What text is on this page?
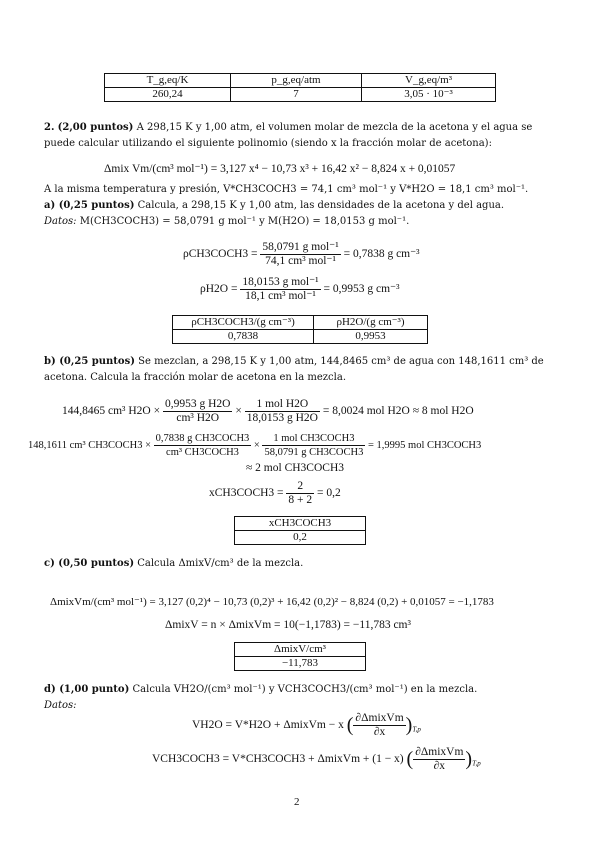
T_g,eq/K	p_g,eq/atm	V_g,eq/m³
260,24	7	3,05 · 10⁻³
2. (2,00 puntos) A 298,15 K y 1,00 atm, el volumen molar de mezcla de la acetona y el agua se puede calcular utilizando el siguiente polinomio (siendo x la fracción molar de acetona):
Δmix Vm/(cm³ mol⁻¹) = 3,127 x⁴ − 10,73 x³ + 16,42 x² − 8,824 x + 0,01057
A la misma temperatura y presión, V*CH3COCH3 = 74,1 cm³ mol⁻¹ y V*H2O = 18,1 cm³ mol⁻¹.
a) (0,25 puntos) Calcula, a 298,15 K y 1,00 atm, las densidades de la acetona y del agua.
Datos: M(CH3COCH3) = 58,0791 g mol⁻¹ y M(H2O) = 18,0153 g mol⁻¹.
ρCH3COCH3 = $\frac{\text{58,0791 g mol⁻¹}}{\text{74,1 cm³ mol⁻¹}} = 0,7838$ g cm⁻³
$\rho H2O = \frac{\text{18,0153 g mol⁻¹}}{\text{18,1 cm³ mol⁻¹}} = 0,9953$ g cm⁻³
ρCH3COCH3/(g cm⁻³)	ρH2O/(g cm⁻³)
0,7838	0,9953
b) (0,25 puntos) Se mezclan, a 298,15 K y 1,00 atm, 144,8465 cm³ de agua con 148,1611 cm³ de acetona. Calcula la fracción molar de acetona en la mezcla.
144,8465 cm³ $H2O \times \frac{\text{0,9953 g H2O}}{\text{cm³ H2O}} \times \frac{\text{1 mol H2O}}{\text{18,0153 g H2O}} = 8,0024$ mol H2O ≈ 8 mol H2O
148,1611 cm³ CH3COCH3 × $\frac{\text{0,7838 g CH3COCH3}}{\text{cm³ CH3COCH3}} \times \frac{\text{1 mol CH3COCH3}}{\text{58,0791 g CH3COCH3}} = 1,9995$ mol CH3COCH3
≈ 2 mol CH3COCH3
xCH3COCH3 = $\frac{2}{8 + 2} = 0,2$
xCH3COCH3
0,2
c) (0,50 puntos) Calcula ΔmixV/cm³ de la mezcla.
ΔmixVm/(cm³ mol⁻¹) = 3,127 (0,2)⁴ − 10,73 (0,2)³ + 16,42 (0,2)² − 8,824 (0,2) + 0,01057 = −1,1783
ΔmixV = n × ΔmixVm = 10(−1,1783) = −11,783 cm³
ΔmixV/cm³
−11,783
d) (1,00 punto) Calcula VH2O/(cm³ mol⁻¹) y VCH3COCH3/(cm³ mol⁻¹) en la mezcla.
Datos:
VH2O = V*H2O + ΔmixVm − x ( $\frac{\text{∂ΔmixVm}}{\partial x} )_{T,p}$
VCH3COCH3 = V*CH3COCH3 + ΔmixVm + (1 − x) ( $\frac{\text{∂ΔmixVm}}{\partial x} )_{T,p}$
2
